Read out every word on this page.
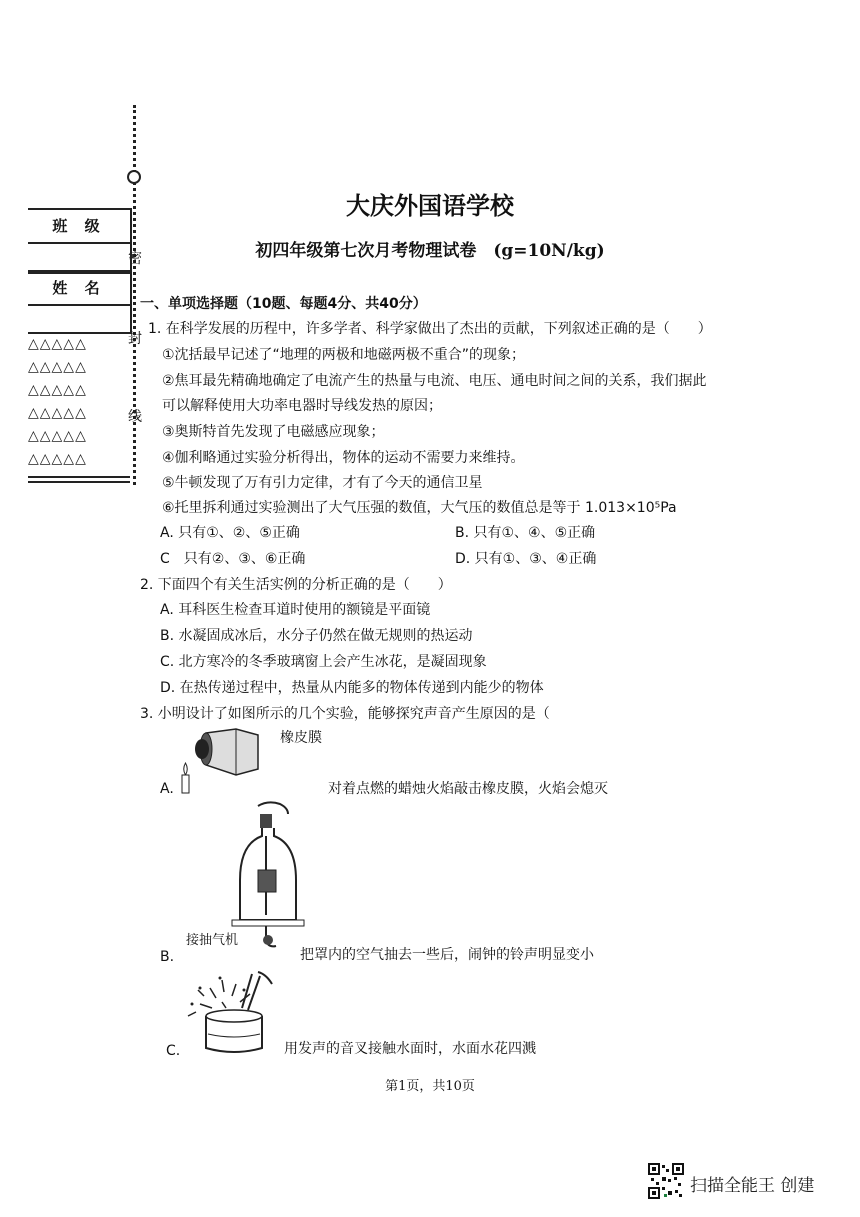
密
封
线
班 级
姓 名
△△△△△
△△△△△
△△△△△
△△△△△
△△△△△
△△△△△
大庆外国语学校
初四年级第七次月考物理试卷　(g=10N/kg)
一、单项选择题（10题、每题4分、共40分）
1. 在科学发展的历程中，许多学者、科学家做出了杰出的贡献，下列叙述正确的是（　　）
①沈括最早记述了“地理的两极和地磁两极不重合”的现象；
②焦耳最先精确地确定了电流产生的热量与电流、电压、通电时间之间的关系，我们据此
可以解释使用大功率电器时导线发热的原因；
③奥斯特首先发现了电磁感应现象；
④伽利略通过实验分析得出，物体的运动不需要力来维持。
⑤牛顿发现了万有引力定律，才有了今天的通信卫星
⑥托里拆利通过实验测出了大气压强的数值，大气压的数值总是等于 1.013×10⁵Pa
A. 只有①、②、⑤正确	B. 只有①、④、⑤正确
C　只有②、③、⑥正确	D. 只有①、③、④正确
2. 下面四个有关生活实例的分析正确的是（　　）
A. 耳科医生检查耳道时使用的额镜是平面镜
B. 水凝固成冰后，水分子仍然在做无规则的热运动
C. 北方寒冷的冬季玻璃窗上会产生冰花，是凝固现象
D. 在热传递过程中，热量从内能多的物体传递到内能少的物体
3. 小明设计了如图所示的几个实验，能够探究声音产生原因的是（
橡皮膜
A.	对着点燃的蜡烛火焰敲击橡皮膜，火焰会熄灭
接抽气机
B.	把罩内的空气抽去一些后，闹钟的铃声明显变小
C.	用发声的音叉接触水面时，水面水花四溅
第1页，共10页
扫描全能王 创建
